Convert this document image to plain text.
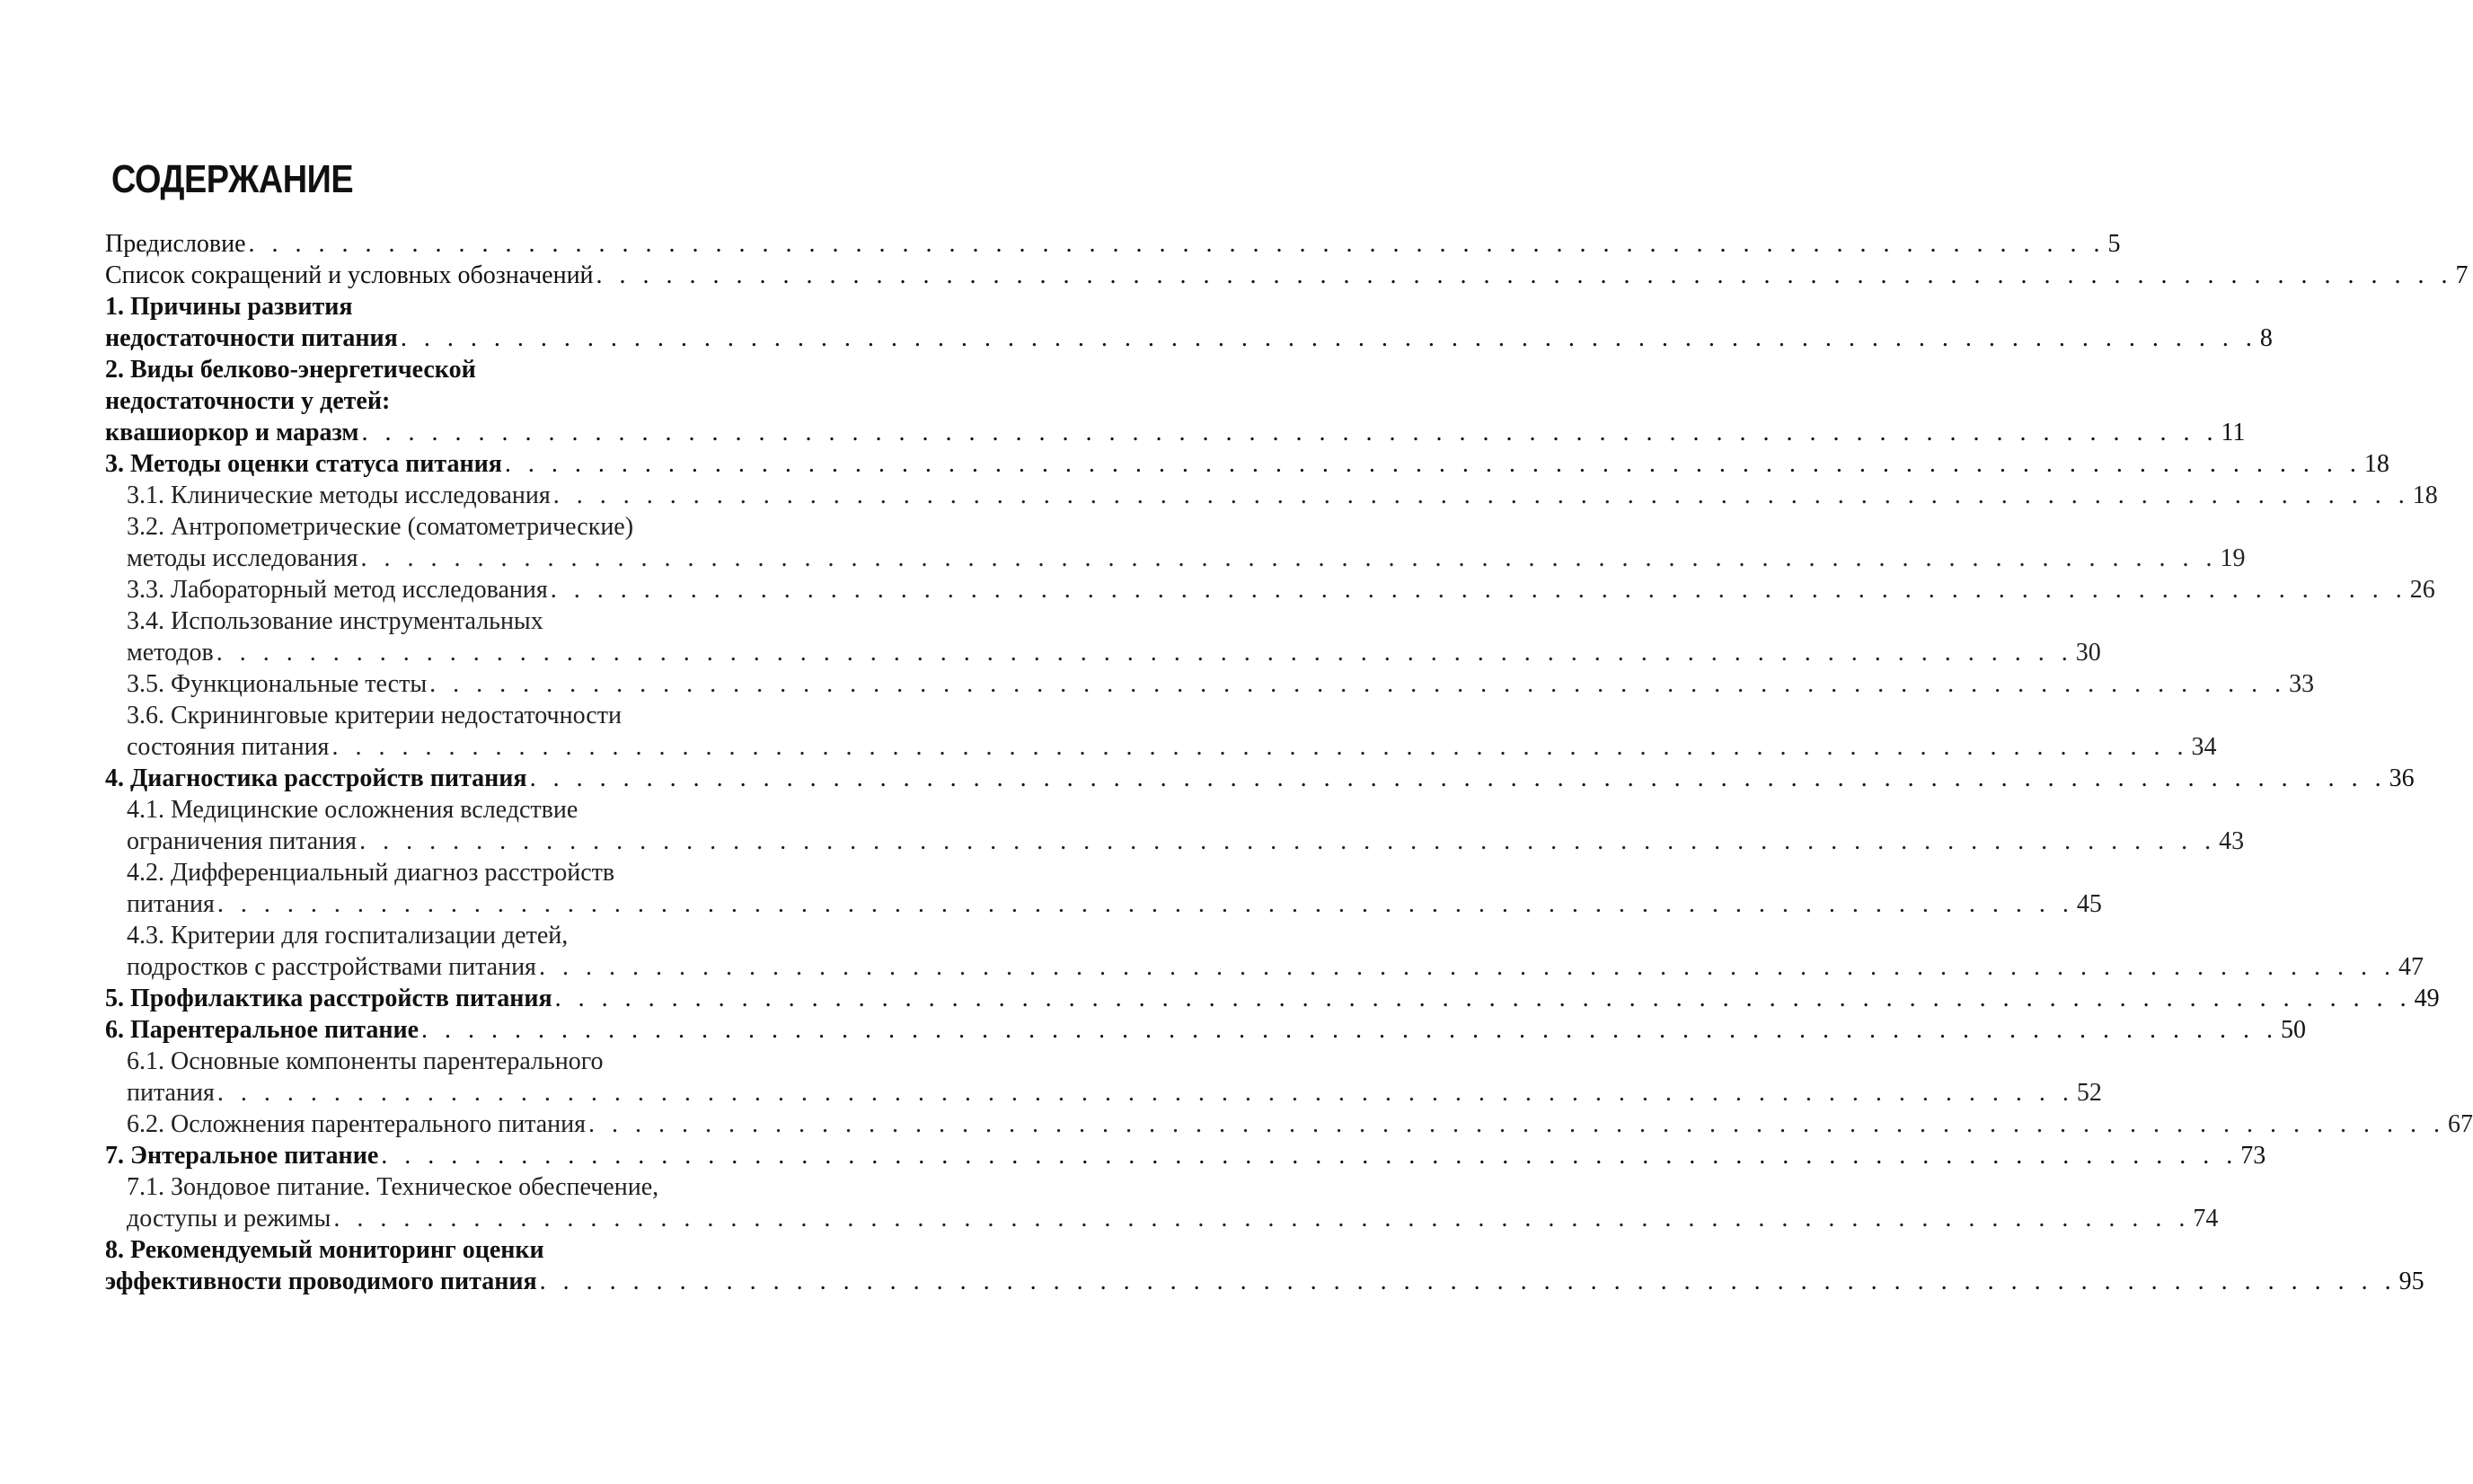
СОДЕРЖАНИЕ
Предисловие . . . . . . . . . . . . . . . . . . . . . . . . . . . . . . . . . . . . . . . . . . . . . . . . . . . . . . . . . . . . . . . . . . . . . . . . . . . . . . . . 5
Список сокращений и условных обозначений . . . . . . . . . . . . . . . . . . . . . . . . . . . . . . . . . . . . . . . . . . . . . . . . . . . . . . . . . . . . . . . . . . . . . . . . . . . . . . . . 7
1. Причины развития
недостаточности питания . . . . . . . . . . . . . . . . . . . . . . . . . . . . . . . . . . . . . . . . . . . . . . . . . . . . . . . . . . . . . . . . . . . . . . . . . . . . . . . . 8
2. Виды белково-энергетической
недостаточности у детей:
квашиоркор и маразм . . . . . . . . . . . . . . . . . . . . . . . . . . . . . . . . . . . . . . . . . . . . . . . . . . . . . . . . . . . . . . . . . . . . . . . . . . . . . . . . 11
3. Методы оценки статуса питания . . . . . . . . . . . . . . . . . . . . . . . . . . . . . . . . . . . . . . . . . . . . . . . . . . . . . . . . . . . . . . . . . . . . . . . . . . . . . . . . 18
3.1. Клинические методы исследования . . . . . . . . . . . . . . . . . . . . . . . . . . . . . . . . . . . . . . . . . . . . . . . . . . . . . . . . . . . . . . . . . . . . . . . . . . . . . . . . 18
3.2. Антропометрические (соматометрические)
методы исследования . . . . . . . . . . . . . . . . . . . . . . . . . . . . . . . . . . . . . . . . . . . . . . . . . . . . . . . . . . . . . . . . . . . . . . . . . . . . . . . . 19
3.3. Лабораторный метод исследования . . . . . . . . . . . . . . . . . . . . . . . . . . . . . . . . . . . . . . . . . . . . . . . . . . . . . . . . . . . . . . . . . . . . . . . . . . . . . . . . 26
3.4. Использование инструментальных
методов . . . . . . . . . . . . . . . . . . . . . . . . . . . . . . . . . . . . . . . . . . . . . . . . . . . . . . . . . . . . . . . . . . . . . . . . . . . . . . . . 30
3.5. Функциональные тесты . . . . . . . . . . . . . . . . . . . . . . . . . . . . . . . . . . . . . . . . . . . . . . . . . . . . . . . . . . . . . . . . . . . . . . . . . . . . . . . . 33
3.6. Скрининговые критерии недостаточности
состояния питания . . . . . . . . . . . . . . . . . . . . . . . . . . . . . . . . . . . . . . . . . . . . . . . . . . . . . . . . . . . . . . . . . . . . . . . . . . . . . . . . 34
4. Диагностика расстройств питания . . . . . . . . . . . . . . . . . . . . . . . . . . . . . . . . . . . . . . . . . . . . . . . . . . . . . . . . . . . . . . . . . . . . . . . . . . . . . . . . 36
4.1. Медицинские осложнения вследствие
ограничения питания . . . . . . . . . . . . . . . . . . . . . . . . . . . . . . . . . . . . . . . . . . . . . . . . . . . . . . . . . . . . . . . . . . . . . . . . . . . . . . . . 43
4.2. Дифференциальный диагноз расстройств
питания . . . . . . . . . . . . . . . . . . . . . . . . . . . . . . . . . . . . . . . . . . . . . . . . . . . . . . . . . . . . . . . . . . . . . . . . . . . . . . . . 45
4.3. Критерии для госпитализации детей,
подростков с расстройствами питания . . . . . . . . . . . . . . . . . . . . . . . . . . . . . . . . . . . . . . . . . . . . . . . . . . . . . . . . . . . . . . . . . . . . . . . . . . . . . . . . 47
5. Профилактика расстройств питания . . . . . . . . . . . . . . . . . . . . . . . . . . . . . . . . . . . . . . . . . . . . . . . . . . . . . . . . . . . . . . . . . . . . . . . . . . . . . . . . 49
6. Парентеральное питание . . . . . . . . . . . . . . . . . . . . . . . . . . . . . . . . . . . . . . . . . . . . . . . . . . . . . . . . . . . . . . . . . . . . . . . . . . . . . . . . 50
6.1. Основные компоненты парентерального
питания . . . . . . . . . . . . . . . . . . . . . . . . . . . . . . . . . . . . . . . . . . . . . . . . . . . . . . . . . . . . . . . . . . . . . . . . . . . . . . . . 52
6.2. Осложнения парентерального питания . . . . . . . . . . . . . . . . . . . . . . . . . . . . . . . . . . . . . . . . . . . . . . . . . . . . . . . . . . . . . . . . . . . . . . . . . . . . . . . . 67
7. Энтеральное питание . . . . . . . . . . . . . . . . . . . . . . . . . . . . . . . . . . . . . . . . . . . . . . . . . . . . . . . . . . . . . . . . . . . . . . . . . . . . . . . . 73
7.1. Зондовое питание. Техническое обеспечение,
доступы и режимы . . . . . . . . . . . . . . . . . . . . . . . . . . . . . . . . . . . . . . . . . . . . . . . . . . . . . . . . . . . . . . . . . . . . . . . . . . . . . . . . 74
8. Рекомендуемый мониторинг оценки
эффективности проводимого питания . . . . . . . . . . . . . . . . . . . . . . . . . . . . . . . . . . . . . . . . . . . . . . . . . . . . . . . . . . . . . . . . . . . . . . . . . . . . . . . . 95
